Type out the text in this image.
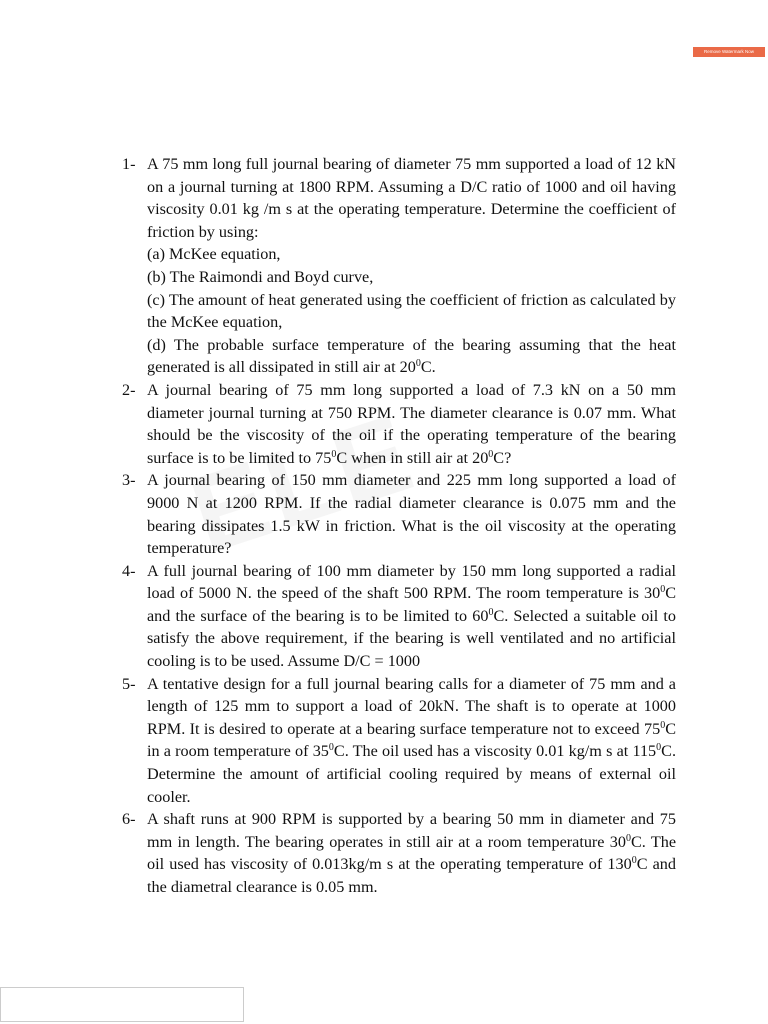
Remove Watermark Now
1- A 75 mm long full journal bearing of diameter 75 mm supported a load of 12 kN on a journal turning at 1800 RPM. Assuming a D/C ratio of 1000 and oil having viscosity 0.01 kg /m s at the operating temperature. Determine the coefficient of friction by using:
(a) McKee equation,
(b) The Raimondi and Boyd curve,
(c) The amount of heat generated using the coefficient of friction as calculated by the McKee equation,
(d) The probable surface temperature of the bearing assuming that the heat generated is all dissipated in still air at $20^0C$.
2- A journal bearing of 75 mm long supported a load of 7.3 kN on a 50 mm diameter journal turning at 750 RPM. The diameter clearance is 0.07 mm. What should be the viscosity of the oil if the operating temperature of the bearing surface is to be limited to $75^0C$ when in still air at $20^0C$?
3- A journal bearing of 150 mm diameter and 225 mm long supported a load of 9000 N at 1200 RPM. If the radial diameter clearance is 0.075 mm and the bearing dissipates 1.5 kW in friction. What is the oil viscosity at the operating temperature?
4- A full journal bearing of 100 mm diameter by 150 mm long supported a radial load of 5000 N. the speed of the shaft 500 RPM. The room temperature is $30^0C$ and the surface of the bearing is to be limited to $60^0C$. Selected a suitable oil to satisfy the above requirement, if the bearing is well ventilated and no artificial cooling is to be used. Assume D/C = 1000
5- A tentative design for a full journal bearing calls for a diameter of 75 mm and a length of 125 mm to support a load of 20kN. The shaft is to operate at 1000 RPM. It is desired to operate at a bearing surface temperature not to exceed $75^0C$ in a room temperature of $35^0C$. The oil used has a viscosity 0.01 kg/m s at $115^0C$. Determine the amount of artificial cooling required by means of external oil cooler.
6- A shaft runs at 900 RPM is supported by a bearing 50 mm in diameter and 75 mm in length. The bearing operates in still air at a room temperature $30^0C$. The oil used has viscosity of 0.013kg/m s at the operating temperature of $130^0C$ and the diametral clearance is 0.05 mm.
